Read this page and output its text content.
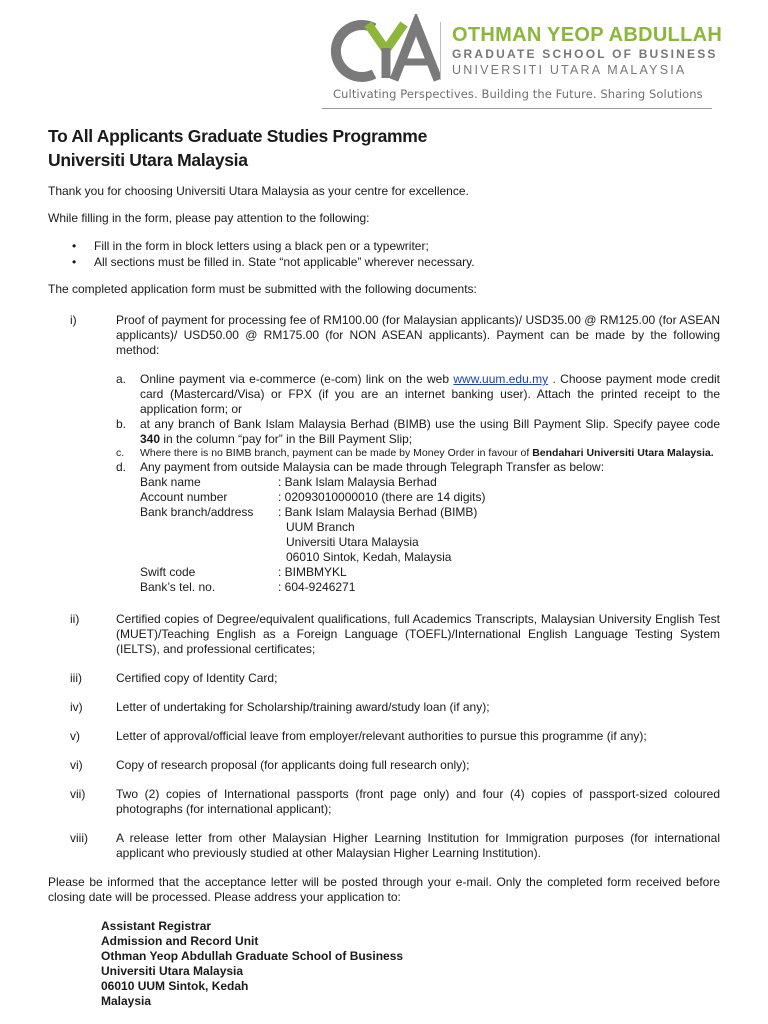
OTHMAN YEOP ABDULLAH
GRADUATE SCHOOL OF BUSINESS
UNIVERSITI UTARA MALAYSIA
Cultivating Perspectives. Building the Future. Sharing Solutions
To All Applicants Graduate Studies Programme
Universiti Utara Malaysia

Thank you for choosing Universiti Utara Malaysia as your centre for excellence.

While filling in the form, please pay attention to the following:

• Fill in the form in block letters using a black pen or a typewriter;
• All sections must be filled in. State “not applicable” wherever necessary.

The completed application form must be submitted with the following documents:

i)	Proof of payment for processing fee of RM100.00 (for Malaysian applicants)/ USD35.00 @ RM125.00 (for ASEAN applicants)/ USD50.00 @ RM175.00 (for NON ASEAN applicants). Payment can be made by the following method:
a.	Online payment via e-commerce (e-com) link on the web www.uum.edu.my . Choose payment mode credit card (Mastercard/Visa) or FPX (if you are an internet banking user). Attach the printed receipt to the application form; or
b.	at any branch of Bank Islam Malaysia Berhad (BIMB) use the using Bill Payment Slip. Specify payee code 340 in the column “pay for” in the Bill Payment Slip;
c.	Where there is no BIMB branch, payment can be made by Money Order in favour of Bendahari Universiti Utara Malaysia.
d.	Any payment from outside Malaysia can be made through Telegraph Transfer as below:
Bank name	: Bank Islam Malaysia Berhad
Account number	: 02093010000010 (there are 14 digits)
Bank branch/address	: Bank Islam Malaysia Berhad (BIMB)
UUM Branch
Universiti Utara Malaysia
06010 Sintok, Kedah, Malaysia
Swift code	: BIMBMYKL
Bank’s tel. no.	: 604-9246271
ii)	Certified copies of Degree/equivalent qualifications, full Academics Transcripts, Malaysian University English Test (MUET)/Teaching English as a Foreign Language (TOEFL)/International English Language Testing System (IELTS), and professional certificates;
iii)	Certified copy of Identity Card;
iv)	Letter of undertaking for Scholarship/training award/study loan (if any);
v)	Letter of approval/official leave from employer/relevant authorities to pursue this programme (if any);
vi)	Copy of research proposal (for applicants doing full research only);
vii)	Two (2) copies of International passports (front page only) and four (4) copies of passport-sized coloured photographs (for international applicant);
viii)	A release letter from other Malaysian Higher Learning Institution for Immigration purposes (for international applicant who previously studied at other Malaysian Higher Learning Institution).

Please be informed that the acceptance letter will be posted through your e-mail. Only the completed form received before closing date will be processed. Please address your application to:

Assistant Registrar
Admission and Record Unit
Othman Yeop Abdullah Graduate School of Business
Universiti Utara Malaysia
06010 UUM Sintok, Kedah
Malaysia
